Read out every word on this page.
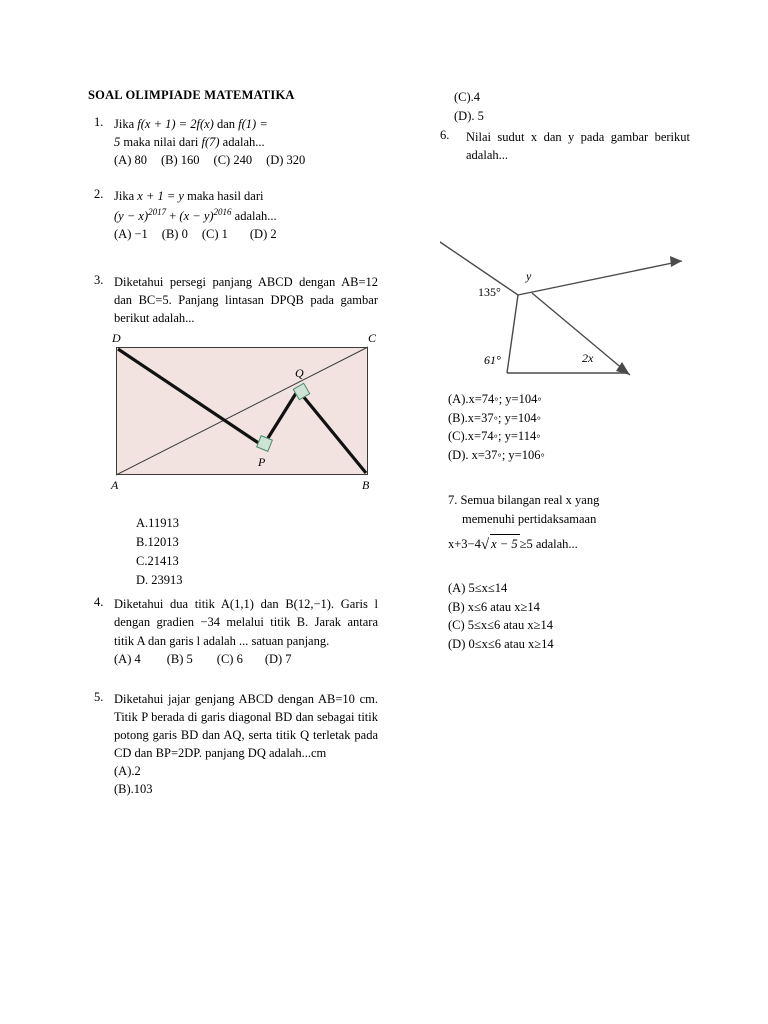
SOAL OLIMPIADE MATEMATIKA
1. Jika f(x + 1) = 2f(x) dan f(1) =
5 maka nilai dari f(7) adalah...
(A) 80 (B) 160 (C) 240 (D) 320
2. Jika x + 1 = y maka hasil dari
$(y - x)^{2017} + (x - y)^{2016}$ adalah...
(A) −1 (B) 0 (C) 1 (D) 2
3. Diketahui persegi panjang ABCD dengan AB=12 dan BC=5. Panjang lintasan DPQB pada gambar berikut adalah...
D	C
A	B
P
Q
A.11913
B.12013
C.21413
D. 23913
4. Diketahui dua titik A(1,1) dan B(12,−1). Garis l dengan gradien −34 melalui titik B. Jarak antara titik A dan garis l adalah ... satuan panjang.
(A) 4 (B) 5 (C) 6 (D) 7
5. Diketahui jajar genjang ABCD dengan AB=10 cm. Titik P berada di garis diagonal BD dan sebagai titik potong garis BD dan AQ, serta titik Q terletak pada CD dan BP=2DP. panjang DQ adalah...cm
(A).2
(B).103
(C).4
(D). 5
6.	Nilai sudut x dan y pada gambar berikut adalah...
y
135°
61°	2x
(A).x=74◦; y=104◦
(B).x=37◦; y=104◦
(C).x=74◦; y=114◦
(D). x=37◦; y=106◦
7. Semua bilangan real x yang
memenuhi pertidaksamaan
x+3−4√ x − 5 ≥5 adalah...
(A) 5≤x≤14
(B) x≤6 atau x≥14
(C) 5≤x≤6 atau x≥14
(D) 0≤x≤6 atau x≥14
